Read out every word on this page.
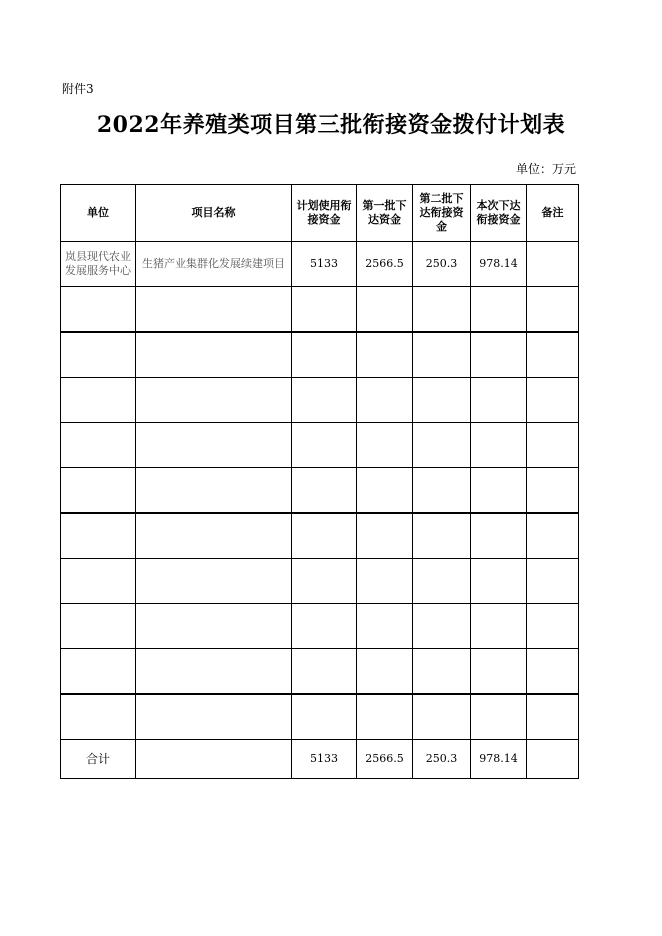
附件3
2022年养殖类项目第三批衔接资金拨付计划表
单位：万元
单位	项目名称	计划使用衔接资金	第一批下达资金	第二批下达衔接资金	本次下达衔接资金	备注
岚县现代农业发展服务中心	生猪产业集群化发展续建项目	5133	2566.5	250.3	978.14	

合计		5133	2566.5	250.3	978.14	
